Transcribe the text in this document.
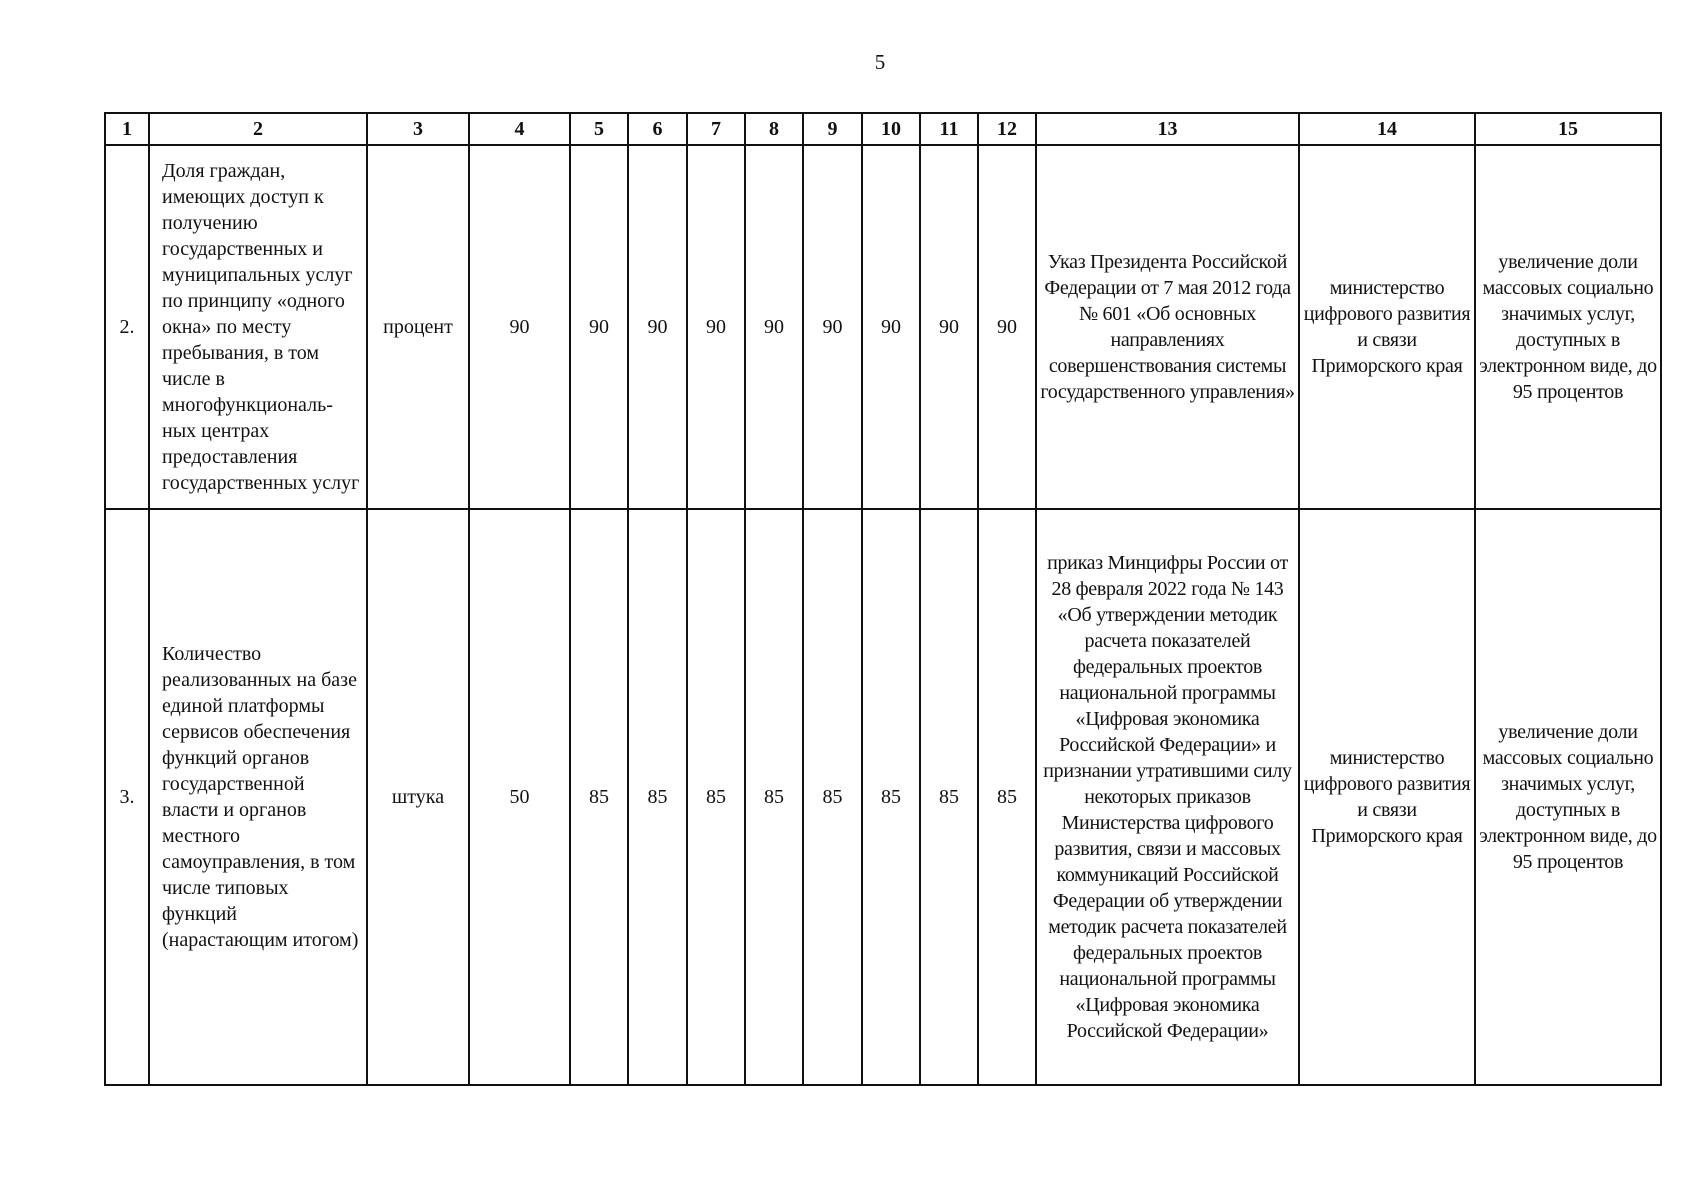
5
1	2	3	4	5	6	7	8	9	10	11	12	13	14	15
2.	Доля граждан, имеющих доступ к получению государственных и муниципальных услуг по принципу «одного окна» по месту пребывания, в том числе в многофункциональ-ных центрах предоставления государственных услуг	процент	90	90	90	90	90	90	90	90	90	Указ Президента Российской Федерации от 7 мая 2012 года № 601 «Об основных направлениях совершенствования системы государственного управления»	министерство цифрового развития и связи Приморского края	увеличение доли массовых социально значимых услуг, доступных в электронном виде, до 95 процентов
3.	Количество реализованных на базе единой платформы сервисов обеспечения функций органов государственной власти и органов местного самоуправления, в том числе типовых функций (нарастающим итогом)	штука	50	85	85	85	85	85	85	85	85	приказ Минцифры России от 28 февраля 2022 года № 143 «Об утверждении методик расчета показателей федеральных проектов национальной программы «Цифровая экономика Российской Федерации» и признании утратившими силу некоторых приказов Министерства цифрового развития, связи и массовых коммуникаций Российской Федерации об утверждении методик расчета показателей федеральных проектов национальной программы «Цифровая экономика Российской Федерации»	министерство цифрового развития и связи Приморского края	увеличение доли массовых социально значимых услуг, доступных в электронном виде, до 95 процентов
